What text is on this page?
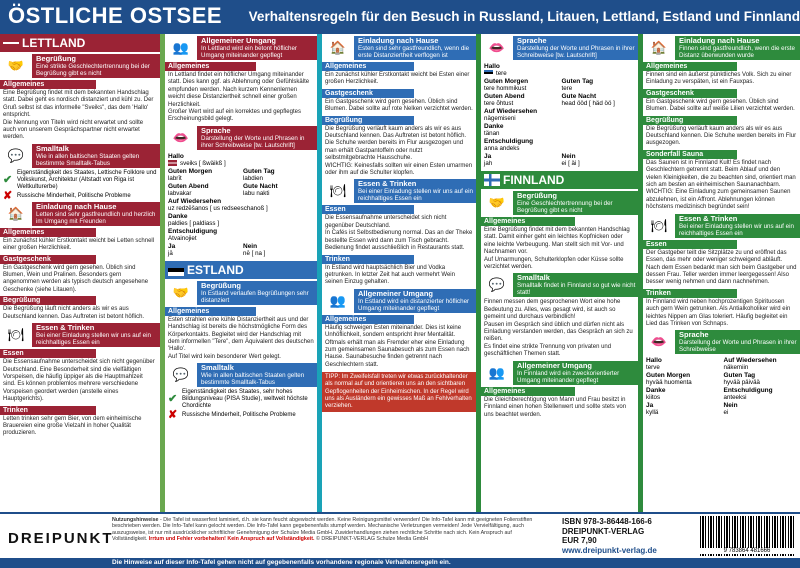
ÖSTLICHE OSTSEE	Verhaltensregeln für den Besuch in Russland, Litauen, Lettland, Estland und Finnland
LETTLAND
🤝	Begrüßung
Eine strikte Geschlechtertrennung bei der Begrüßung gibt es nicht
Allgemeines
Eine Begrüßung findet mit dem bekannten Handschlag statt. Dabei geht es nordisch distanziert und kühl zu. Der Gruß selbst ist das informelle "Sveiks", das dem 'Hallo' entspricht.
Die Nennung von Titeln wird nicht erwartet und sollte auch von unserem Gesprächspartner nicht erwartet werden.
💬	Smalltalk
Wie in allen baltischen Staaten gelten bestimmte Smalltalk-Tabus
✔
Eigenständigkeit des Staates, Lettische Folklore und Volkskunst, Architektur (Altstadt von Riga ist Weltkulturerbe)
✘ Russische Minderheit, Politische Probleme
🏠	Einladung nach Hause
Letten sind sehr gastfreundlich und herzlich im Umgang mit Freunden
Allgemeines
Ein zunächst kühler Erstkontakt weicht bei Letten schnell einer großen Herzlichkeit.
Gastgeschenk
Ein Gastgeschenk wird gern gesehen. Üblich sind Blumen, Wein und Pralinen. Besonders gern angenommen werden als typisch deutsch angesehene Geschenke (siehe Litauen).
Begrüßung
Die Begrüßung läuft nicht anders als wir es aus Deutschland kennen. Das Auftreten ist betont höflich.
🍽	Essen & Trinken
Bei einer Einladung stellen wir uns auf ein reichhaltiges Essen ein
Essen
Die Essensaufnahme unterscheidet sich nicht gegenüber Deutschland. Eine Besonderheit sind die vielfältigen Vorspeisen, die häufig üppiger als die Hauptmahlzeit sind. Es können problemlos mehrere verschiedene Vorspeisen geordert werden (anstelle eines Hauptgerichts).
Trinken
Letten trinken sehr gern Bier, von dem einheimische Brauereien eine große Vielzahl in hoher Qualität produzieren.
👥	Allgemeiner Umgang
In Lettland wird ein betont höflicher Umgang miteinander gepflegt
Allgemeines
In Lettland findet ein höflicher Umgang miteinander statt. Dies kann ggf. als Ablehnung oder Gefühlskälte empfunden werden. Nach kurzem Kennenlernen weicht diese Distanziertheit schnell einer großen Herzlichkeit.
Großer Wert wird auf ein korrektes und gepflegtes Erscheinungsbild gelegt.
👄	Sprache
Darstellung der Worte und Phrasen in ihrer Schreibweise [tw. Lautschrift]
Hallo
sveiks [ ßwäikß ]
Guten Morgen
labrīt
Guten Tag
labdien
Guten Abend
labvakar
Gute Nacht
labu nakti
Auf Wiedersehen
uz redzēšanos [ us redseeschanoß ]
Danke
paldies [ paldiass ]
Entschuldigung
Atvainojiet
Ja
jā
Nein
nē [ na ]
ESTLAND
🤝	Begrüßung
In Estland verlaufen Begrüßungen sehr distanziert
Allgemeines
Esten strahlen eine kühle Distanziertheit aus und der Handschlag ist bereits die höchstmögliche Form des Körperkontakts. Begleitet wird der Handschlag mit dem informellen "Tere", dem Äquivalent des deutschen 'Hallo'.
Auf Titel wird kein besonderer Wert gelegt.
💬	Smalltalk
Wie in allen baltischen Staaten gelten bestimmte Smalltalk-Tabus
✔
Eigenständigkeit des Staates, sehr hohes Bildungsniveau (PISA Studie), weltweit höchste Chordichte
✘ Russische Minderheit, Politische Probleme
🏠	Einladung nach Hause
Esten sind sehr gastfreundlich, wenn die erste Distanziertheit verflogen ist
Allgemeines
Ein zunächst kühler Erstkontakt weicht bei Esten einer großen Herzlichkeit.
Gastgeschenk
Ein Gastgeschenk wird gern gesehen. Üblich sind Blumen. Dabei sollte auf rote Nelken verzichtet werden.
Begrüßung
Die Begrüßung verläuft kaum anders als wir es aus Deutschland kennen. Das Auftreten ist betont höflich.
Die Schuhe werden bereits im Flur ausgezogen und man erhält Gastpantoffeln oder nutzt selbstmitgebrachte Hausschuhe.
WICHTIG: Keinesfalls sollten wir einen Esten umarmen oder ihm auf die Schulter klopfen.
🍽	Essen & Trinken
Bei einer Einladung stellen wir uns auf ein reichhaltiges Essen ein
Essen
Die Essensaufnahme unterscheidet sich nicht gegenüber Deutschland.
In Cafés ist Selbstbedienung normal. Das an der Theke bestellte Essen wird dann zum Tisch gebracht. Bedienung findet ausschließlich in Restaurants statt.
Trinken
In Estland wird hauptsächlich Bier und Vodka getrunken. In letzter Zeit hat auch vermehrt Wein seinen Einzug gehalten.
👥	Allgemeiner Umgang
In Estland wird ein distanzierter höflicher Umgang miteinander gepflegt
Allgemeines
Häufig schweigen Esten miteinander. Dies ist keine Unhöflichkeit, sondern entspricht ihrer Mentalität.
Oftmals erhält man als Fremder eher eine Einladung zum gemeinsamen Saunabesuch als zum Essen nach Hause. Saunabesuche finden getrennt nach Geschlechtern statt.
TIPP: Im Zweifelsfall treten wir etwas zurückhaltender als normal auf und orientieren uns an den sichtbaren Gepflogenheiten der Einheimischen. In der Regel wird uns als Ausländern ein gewisses Maß an Fehlverhalten verziehen.
👄	Sprache
Darstellung der Worte und Phrasen in ihrer Schreibweise [tw. Lautschrift]
Hallo
tere
Guten Morgen
tere hommikust
Guten Tag
tere
Guten Abend
tere õhtust
Gute Nacht
head ööd [ häd öö ]
Auf Wiedersehen
nägemiseni
Danke
tänan
Entschuldigung
anna andeks
Ja
jah
Nein
ei [ äi ]
FINNLAND
🤝	Begrüßung
Eine Geschlechtertrennung bei der Begrüßung gibt es nicht
Allgemeines
Eine Begrüßung findet mit dem bekannten Handschlag statt. Damit einher geht ein leichtes Kopfnicken oder eine leichte Verbeugung. Man stellt sich mit Vor- und Nachnamen vor.
Auf Umarmungen, Schulterklopfen oder Küsse sollte verzichtet werden.
💬	Smalltalk
Smalltalk findet in Finnland so gut wie nicht statt!
Finnen messen dem gesprochenen Wort eine hohe Bedeutung zu. Alles, was gesagt wird, ist auch so gemeint und durchaus verbindlich!
Pausen im Gespräch sind üblich und dürfen nicht als Einladung verstanden werden, das Gespräch an sich zu reißen.
Es findet eine strikte Trennung von privaten und geschäftlichen Themen statt.
👥	Allgemeiner Umgang
In Finnland wird ein zweckorientierter Umgang miteinander gepflegt
Allgemeines
Die Gleichberechtigung von Mann und Frau besitzt in Finnland einen hohen Stellenwert und sollte stets von uns beachtet werden.
🏠	Einladung nach Hause
Finnen sind gastfreundlich, wenn die erste Distanz überwunden wurde
Allgemeines
Finnen sind ein äußerst pünktliches Volk. Sich zu einer Einladung zu verspäten, ist ein Fauxpas.
Gastgeschenk
Ein Gastgeschenk wird gern gesehen. Üblich sind Blumen. Dabei sollte auf weiße Lilien verzichtet werden.
Begrüßung
Die Begrüßung verläuft kaum anders als wir es aus Deutschland kennen. Die Schuhe werden bereits im Flur ausgezogen.
Sonderfall Sauna
Das Saunen ist in Finnland Kult! Es findet nach Geschlechtern getrennt statt. Beim Ablauf und den vielen Kleinigkeiten, die zu beachten sind, orientiert man sich am besten an einheimischen Saunanachbarn.
WICHTIG: Eine Einladung zum gemeinsamen Saunen abzulehnen, ist ein Affront. Ablehnungen können höchstens medizinisch begründet sein!
🍽	Essen & Trinken
Bei einer Einladung stellen wir uns auf ein reichhaltiges Essen ein
Essen
Der Gastgeber teilt die Sitzplätze zu und eröffnet das Essen, das mehr oder weniger schweigend abläuft. Nach dem Essen bedankt man sich beim Gastgeber und dessen Frau. Teller werden immer leergegessen! Also besser wenig nehmen und dann nachnehmen.
Trinken
In Finnland wird neben hochprozentigen Spirituosen auch gern Wein getrunken. Als Antialkoholiker wird ein leichtes Nippen am Glas toleriert. Häufig begleitet ein Lied das Trinken von Schnaps.
👄	Sprache
Darstellung der Worte und Phrasen in ihrer Schreibweise
Hallo
terve
Auf Wiedersehen
näkemiin
Guten Morgen
hyvää huomenta
Guten Tag
hyvää päivää
Danke
kiitos
Entschuldigung
anteeksi
Ja
kyllä
Nein
ei
DREIPUNKT
Nutzungshinweise - Die Tafel ist wasserfest laminiert, d.h. sie kann feucht abgewischt werden. Keine Reinigungsmittel verwenden! Die Info-Tafel kann mit geeigneten Folienstiften beschrieben werden. Die Info-Tafel kann gelocht werden. Die Info-Tafel kann gegebenenfalls stumpf werden. Mechanische Verletzungen vermeiden! Jede Vervielfältigung, auch auszugsweise, ist nur mit ausdrücklicher schriftlicher Genehmigung der Schulze Media GmbH. Zuwiderhandlungen ziehen rechtliche Schritte nach sich. Kein Anspruch auf Vollständigkeit. Irrtum und Fehler vorbehalten! Kein Anspruch auf Vollständigkeit. © DREIPUNKT-VERLAG Schulze Media GmbH
ISBN 978-3-86448-166-6
DREIPUNKT-VERLAG
EUR 7,90
www.dreipunkt-verlag.de	9 783864 481666
Die Hinweise auf dieser Info-Tafel gehen nicht auf gegebenenfalls vorhandene regionale Verhaltensregeln ein.
